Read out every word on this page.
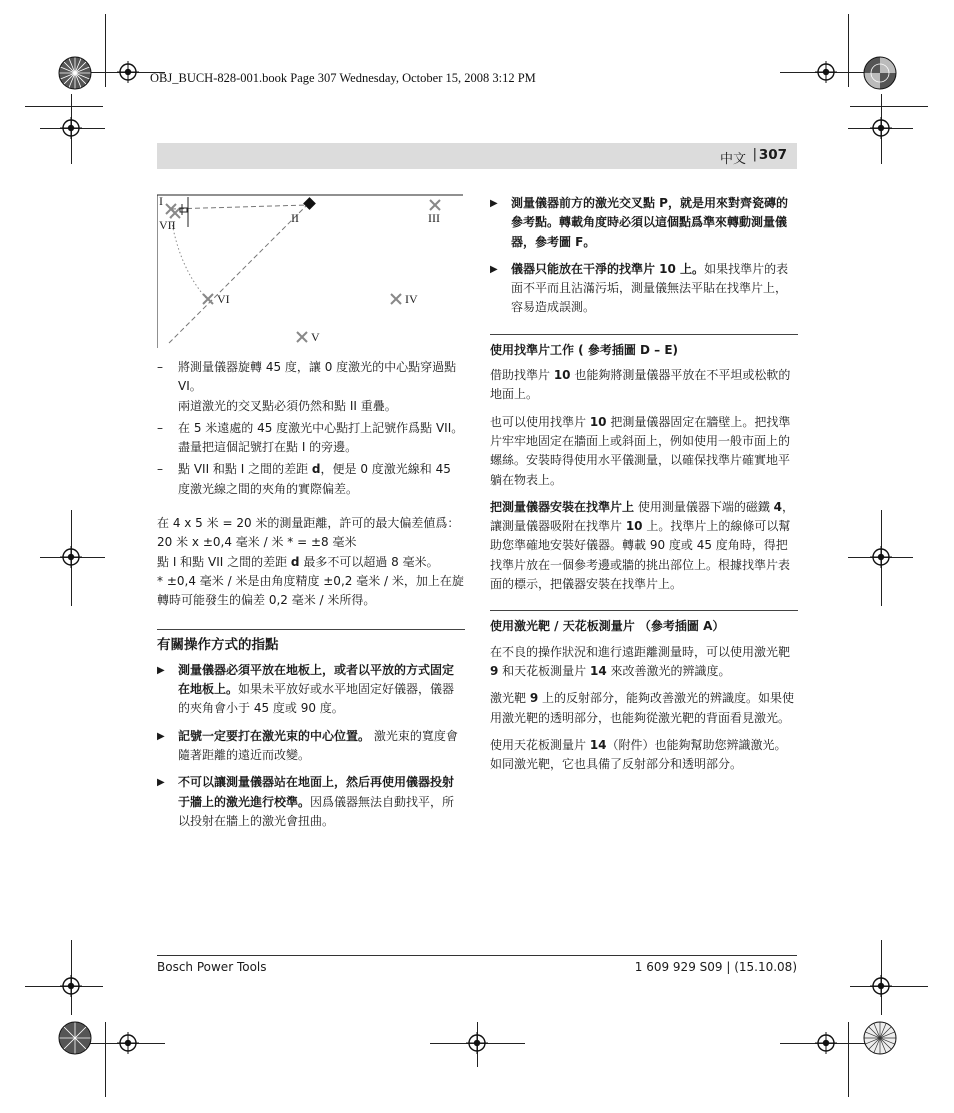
OBJ_BUCH-828-001.book Page 307 Wednesday, October 15, 2008 3:12 PM
中文 | 307
I
VII	II	III
VI	IV
V
– 將測量儀器旋轉 45 度，讓 0 度激光的中心點穿過點 VI。

兩道激光的交叉點必須仍然和點 II 重疊。

– 在 5 米遠處的 45 度激光中心點打上記號作爲點 VII。盡量把這個記號打在點 I 的旁邊。

– 點 VII 和點 I 之間的差距 d，便是 0 度激光線和 45 度激光線之間的夾角的實際偏差。

在 4 x 5 米 = 20 米的測量距離，許可的最大偏差値爲：

20 米 x ±0,4 毫米 / 米 * = ±8 毫米

點 I 和點 VII 之間的差距 d 最多不可以超過 8 毫米。

* ±0,4 毫米 / 米是由角度精度 ±0,2 毫米 / 米，加上在旋轉時可能發生的偏差 0,2 毫米 / 米所得。

有關操作方式的指點

▶ 測量儀器必須平放在地板上，或者以平放的方式固定在地板上。如果未平放好或水平地固定好儀器，儀器的夾角會小于 45 度或 90 度。

▶ 記號一定要打在激光束的中心位置。 激光束的寬度會隨著距離的遠近而改變。

▶ 不可以讓測量儀器站在地面上，然后再使用儀器投射于牆上的激光進行校準。因爲儀器無法自動找平，所以投射在牆上的激光會扭曲。

▶ 測量儀器前方的激光交叉點 P，就是用來對齊瓷磚的參考點。轉載角度時必須以這個點爲準來轉動測量儀器，參考圖 F。

▶ 儀器只能放在干淨的找準片 10 上。如果找準片的表面不平而且沾滿污垢，測量儀無法平貼在找準片上，容易造成誤測。

使用找準片工作 ( 參考插圖 D – E)

借助找準片 10 也能夠將測量儀器平放在不平坦或松軟的地面上。

也可以使用找準片 10 把測量儀器固定在牆壁上。把找準片牢牢地固定在牆面上或斜面上，例如使用一般市面上的螺絲。安裝時得使用水平儀測量，以確保找準片確實地平躺在物表上。

把測量儀器安裝在找準片上 使用測量儀器下端的磁鐵 4，讓測量儀器吸附在找準片 10 上。找準片上的線條可以幫助您準確地安裝好儀器。轉載 90 度或 45 度角時，得把找準片放在一個參考邊或牆的挑出部位上。根據找準片表面的標示，把儀器安裝在找準片上。

使用激光靶 / 天花板測量片 （參考插圖 A）

在不良的操作狀況和進行遠距離測量時，可以使用激光靶 9 和天花板測量片 14 來改善激光的辨識度。

激光靶 9 上的反射部分，能夠改善激光的辨識度。如果使用激光靶的透明部分，也能夠從激光靶的背面看見激光。

使用天花板測量片 14（附件）也能夠幫助您辨識激光。如同激光靶，它也具備了反射部分和透明部分。

Bosch Power Tools	1 609 929 S09 | (15.10.08)
